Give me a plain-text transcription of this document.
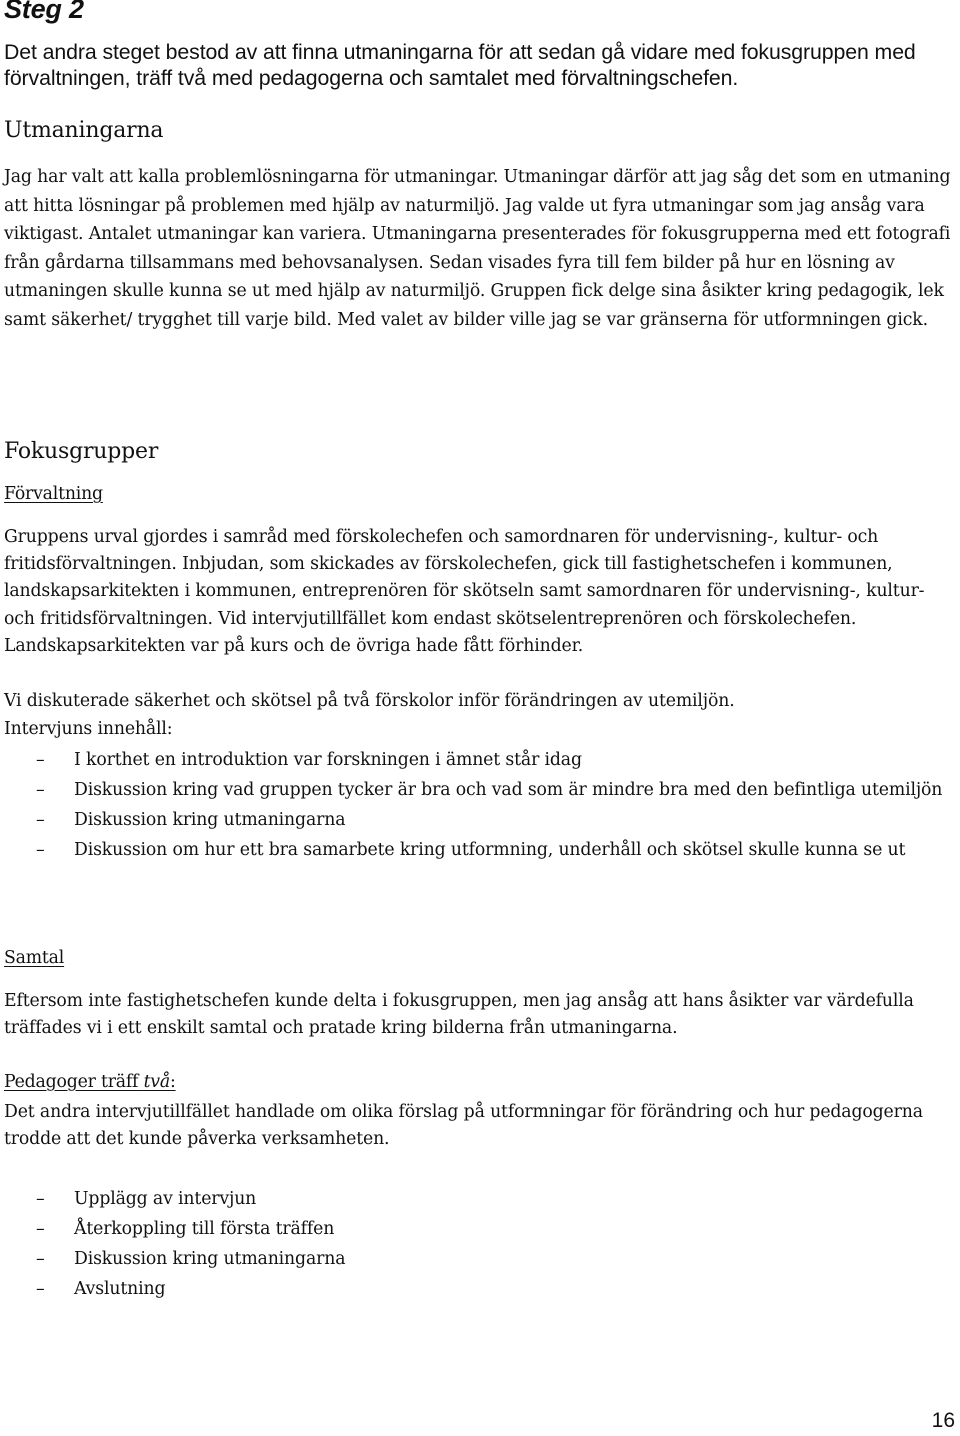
Steg 2

Det andra steget bestod av att finna utmaningarna för att sedan gå vidare med fokusgruppen med förvaltningen, träff två med pedagogerna och samtalet med förvaltningschefen.

Utmaningarna

Jag har valt att kalla problemlösningarna för utmaningar. Utmaningar därför att jag såg det som en utmaning att hitta lösningar på problemen med hjälp av naturmiljö. Jag valde ut fyra utmaningar som jag ansåg vara viktigast. Antalet utmaningar kan variera. Utmaningarna presenterades för fokusgrupperna med ett fotografi från gårdarna tillsammans med behovsanalysen. Sedan visades fyra till fem bilder på hur en lösning av utmaningen skulle kunna se ut med hjälp av naturmiljö. Gruppen fick delge sina åsikter kring pedagogik, lek samt säkerhet/ trygghet till varje bild. Med valet av bilder ville jag se var gränserna för utformningen gick.

Fokusgrupper
Förvaltning

Gruppens urval gjordes i samråd med förskolechefen och samordnaren för undervisning-, kultur- och fritidsförvaltningen. Inbjudan, som skickades av förskolechefen, gick till fastighetschefen i kommunen, landskapsarkitekten i kommunen, entreprenören för skötseln samt samordnaren för undervisning-, kultur- och fritidsförvaltningen. Vid intervjutillfället kom endast skötselentreprenören och förskolechefen. Landskapsarkitekten var på kurs och de övriga hade fått förhinder.

Vi diskuterade säkerhet och skötsel på två förskolor inför förändringen av utemiljön.

Intervjuns innehåll:

– I korthet en introduktion var forskningen i ämnet står idag
– Diskussion kring vad gruppen tycker är bra och vad som är mindre bra med den befintliga utemiljön
– Diskussion kring utmaningarna
– Diskussion om hur ett bra samarbete kring utformning, underhåll och skötsel skulle kunna se ut
Samtal

Eftersom inte fastighetschefen kunde delta i fokusgruppen, men jag ansåg att hans åsikter var värdefulla träffades vi i ett enskilt samtal och pratade kring bilderna från utmaningarna.

Pedagoger träff två:

Det andra intervjutillfället handlade om olika förslag på utformningar för förändring och hur pedagogerna trodde att det kunde påverka verksamheten.

– Upplägg av intervjun
– Återkoppling till första träffen
– Diskussion kring utmaningarna
– Avslutning
16
